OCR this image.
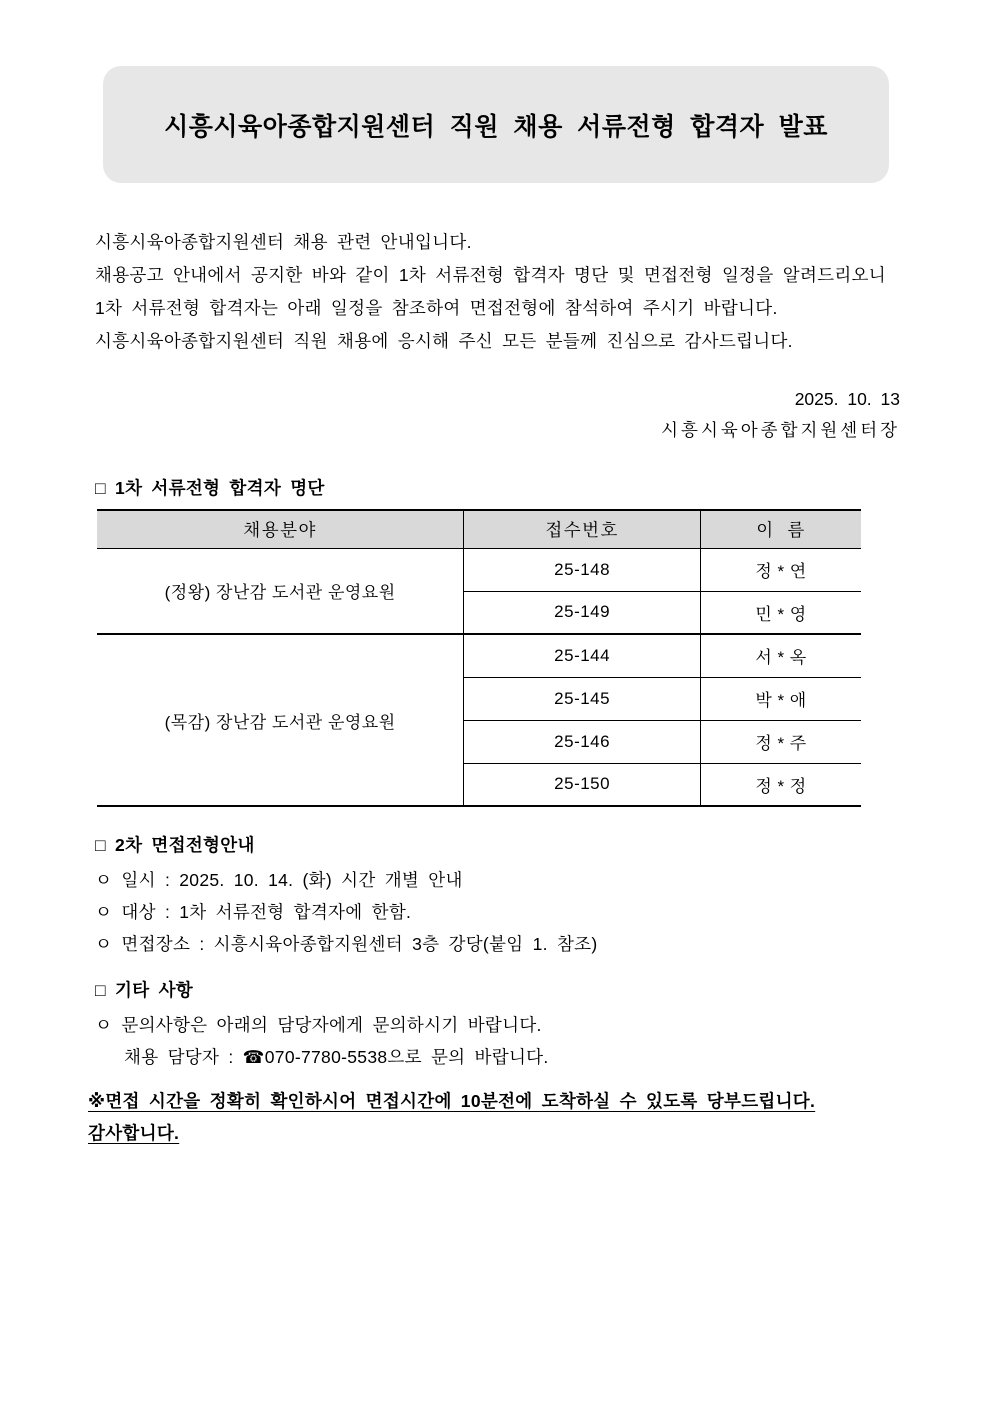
시흥시육아종합지원센터 직원 채용 서류전형 합격자 발표

시흥시육아종합지원센터 채용 관련 안내입니다.

채용공고 안내에서 공지한 바와 같이 1차 서류전형 합격자 명단 및 면접전형 일정을 알려드리오니

1차 서류전형 합격자는 아래 일정을 참조하여 면접전형에 참석하여 주시기 바랍니다.

시흥시육아종합지원센터 직원 채용에 응시해 주신 모든 분들께 진심으로 감사드립니다.

2025. 10. 13

시흥시육아종합지원센터장

□ 1차 서류전형 합격자 명단
채용분야	접수번호	이  름
(정왕) 장난감 도서관 운영요원	25-148	정 * 연
	25-149	민 * 영
(목감) 장난감 도서관 운영요원	25-144	서 * 옥
	25-145	박 * 애
	25-146	정 * 주
	25-150	정 * 정
□ 2차 면접전형안내

ㅇ 일시 : 2025. 10. 14. (화) 시간 개별 안내

ㅇ 대상 : 1차 서류전형 합격자에 한함.

ㅇ 면접장소 : 시흥시육아종합지원센터 3층 강당(붙임 1. 참조)

□ 기타 사항

ㅇ 문의사항은 아래의 담당자에게 문의하시기 바랍니다.

채용 담당자 : ☎070-7780-5538으로 문의 바랍니다.

※면접 시간을 정확히 확인하시어 면접시간에 10분전에 도착하실 수 있도록 당부드립니다.

감사합니다.
